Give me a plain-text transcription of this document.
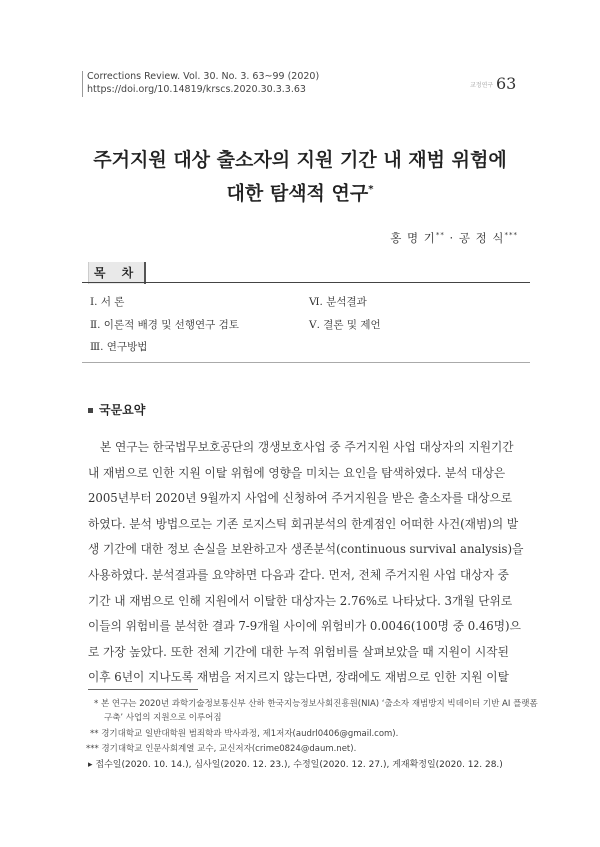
Corrections Review. Vol. 30. No. 3. 63~99 (2020)
https://doi.org/10.14819/krscs.2020.30.3.3.63	교정연구 63
주거지원 대상 출소자의 지원 기간 내 재범 위험에
대한 탐색적 연구*
홍 명 기** · 공 정 식***
목 차
Ⅰ. 서 론
Ⅱ. 이론적 배경 및 선행연구 검토
Ⅲ. 연구방법
Ⅵ. 분석결과
Ⅴ. 결론 및 제언
국문요약
본 연구는 한국법무보호공단의 갱생보호사업 중 주거지원 사업 대상자의 지원기간
내 재범으로 인한 지원 이탈 위험에 영향을 미치는 요인을 탐색하였다. 분석 대상은
2005년부터 2020년 9월까지 사업에 신청하여 주거지원을 받은 출소자를 대상으로
하였다. 분석 방법으로는 기존 로지스틱 회귀분석의 한계점인 어떠한 사건(재범)의 발
생 기간에 대한 정보 손실을 보완하고자 생존분석(continuous survival analysis)을
사용하였다. 분석결과를 요약하면 다음과 같다. 먼저, 전체 주거지원 사업 대상자 중
기간 내 재범으로 인해 지원에서 이탈한 대상자는 2.76%로 나타났다. 3개월 단위로
이들의 위험비를 분석한 결과 7-9개월 사이에 위험비가 0.0046(100명 중 0.46명)으
로 가장 높았다. 또한 전체 기간에 대한 누적 위험비를 살펴보았을 때 지원이 시작된
이후 6년이 지나도록 재범을 저지르지 않는다면, 장래에도 재범으로 인한 지원 이탈
* 본 연구는 2020년 과학기술정보통신부 산하 한국지능정보사회진흥원(NIA) ‘출소자 재범방지 빅데이터 기반 AI 플랫폼
구축’ 사업의 지원으로 이루어짐
** 경기대학교 일반대학원 범죄학과 박사과정, 제1저자(audrl0406@gmail.com).
*** 경기대학교 인문사회계열 교수, 교신저자(crime0824@daum.net).
▸ 접수일(2020. 10. 14.), 심사일(2020. 12. 23.), 수정일(2020. 12. 27.), 게재확정일(2020. 12. 28.)
